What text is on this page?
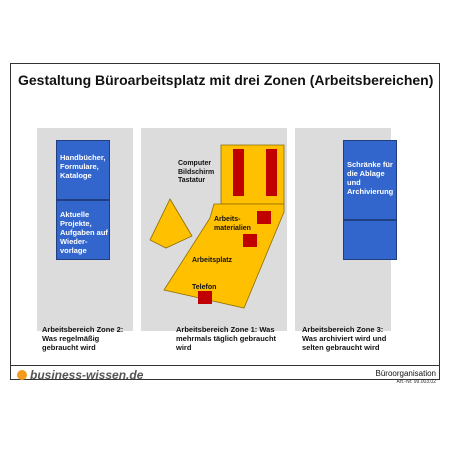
Gestaltung Büroarbeitsplatz mit drei Zonen (Arbeitsbereichen)
Handbücher, Formulare, Kataloge
Aktuelle Projekte, Aufgaben auf Wieder- vorlage
Schränke für die Ablage und Archivierung
Computer Bildschirm Tastatur
Arbeits- materialien
Arbeitsplatz
Telefon
Arbeitsbereich Zone 2: Was regelmäßig gebraucht wird
Arbeitsbereich Zone 1: Was mehrmals täglich gebraucht wird
Arbeitsbereich Zone 3: Was archiviert wird und selten gebraucht wird
business-wissen.de	Büroorganisation
Art.-Nr. 99.003.02
